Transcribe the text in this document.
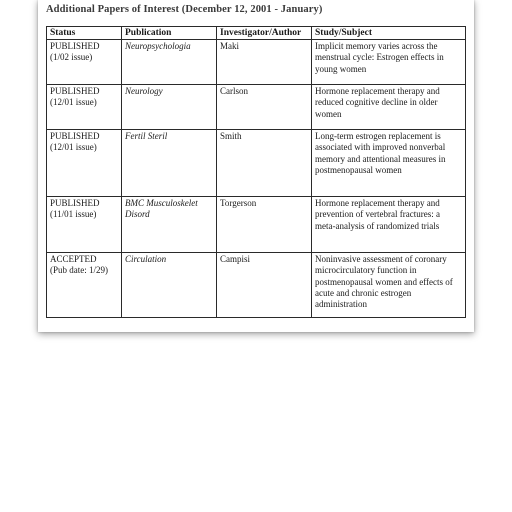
Additional Papers of Interest (December 12, 2001 - January)
Status	Publication	Investigator/Author	Study/Subject

PUBLISHED
(1/02 issue)	Neuropsychologia	Maki	Implicit memory varies across the menstrual cycle: Estrogen effects in young women

PUBLISHED
(12/01 issue)	Neurology	Carlson	Hormone replacement therapy and reduced cognitive decline in older women

PUBLISHED
(12/01 issue)	Fertil Steril	Smith	Long-term estrogen replacement is associated with improved nonverbal memory and attentional measures in postmenopausal women

PUBLISHED
(11/01 issue)	BMC Musculoskelet Disord	Torgerson	Hormone replacement therapy and prevention of vertebral fractures: a meta-analysis of randomized trials

ACCEPTED
(Pub date: 1/29)	Circulation	Campisi	Noninvasive assessment of coronary microcirculatory function in postmenopausal women and effects of acute and chronic estrogen administration
